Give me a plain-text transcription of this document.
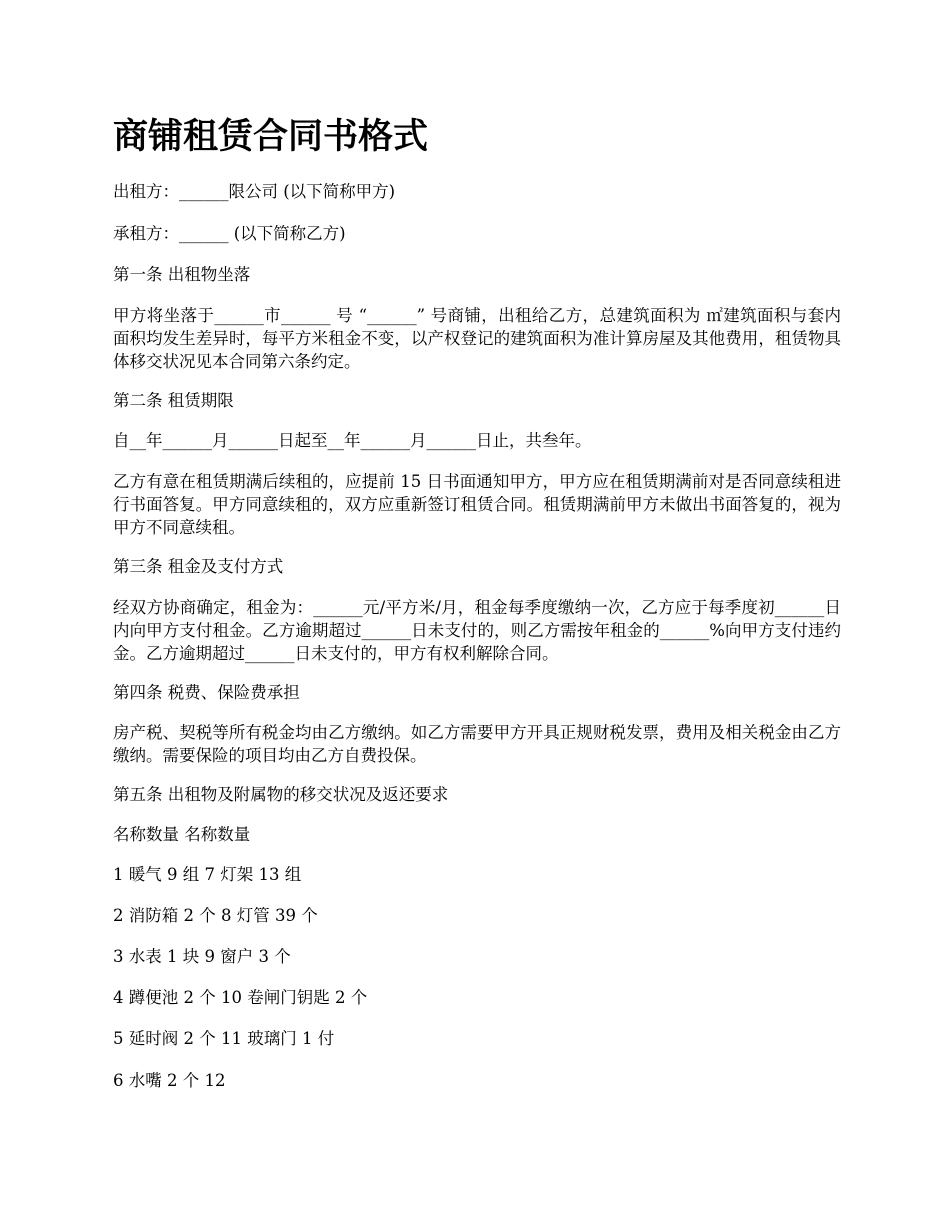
商铺租赁合同书格式

出租方：______限公司 (以下简称甲方)

承租方：______ (以下简称乙方)

第一条 出租物坐落

甲方将坐落于______市______ 号 “______” 号商铺，出租给乙方，总建筑面积为 ㎡建筑面积与套内面积均发生差异时，每平方米租金不变，以产权登记的建筑面积为准计算房屋及其他费用，租赁物具体移交状况见本合同第六条约定。

第二条 租赁期限

自__年______月______日起至__年______月______日止，共叁年。

乙方有意在租赁期满后续租的，应提前 15 日书面通知甲方，甲方应在租赁期满前对是否同意续租进行书面答复。甲方同意续租的，双方应重新签订租赁合同。租赁期满前甲方未做出书面答复的，视为甲方不同意续租。

第三条 租金及支付方式

经双方协商确定，租金为：______元/平方米/月，租金每季度缴纳一次，乙方应于每季度初______日内向甲方支付租金。乙方逾期超过______日未支付的，则乙方需按年租金的______%向甲方支付违约金。乙方逾期超过______日未支付的，甲方有权利解除合同。

第四条 税费、保险费承担

房产税、契税等所有税金均由乙方缴纳。如乙方需要甲方开具正规财税发票，费用及相关税金由乙方缴纳。需要保险的项目均由乙方自费投保。

第五条 出租物及附属物的移交状况及返还要求

名称数量 名称数量

1 暖气 9 组 7 灯架 13 组

2 消防箱 2 个 8 灯管 39 个

3 水表 1 块 9 窗户 3 个

4 蹲便池 2 个 10 卷闸门钥匙 2 个

5 延时阀 2 个 11 玻璃门 1 付

6 水嘴 2 个 12
